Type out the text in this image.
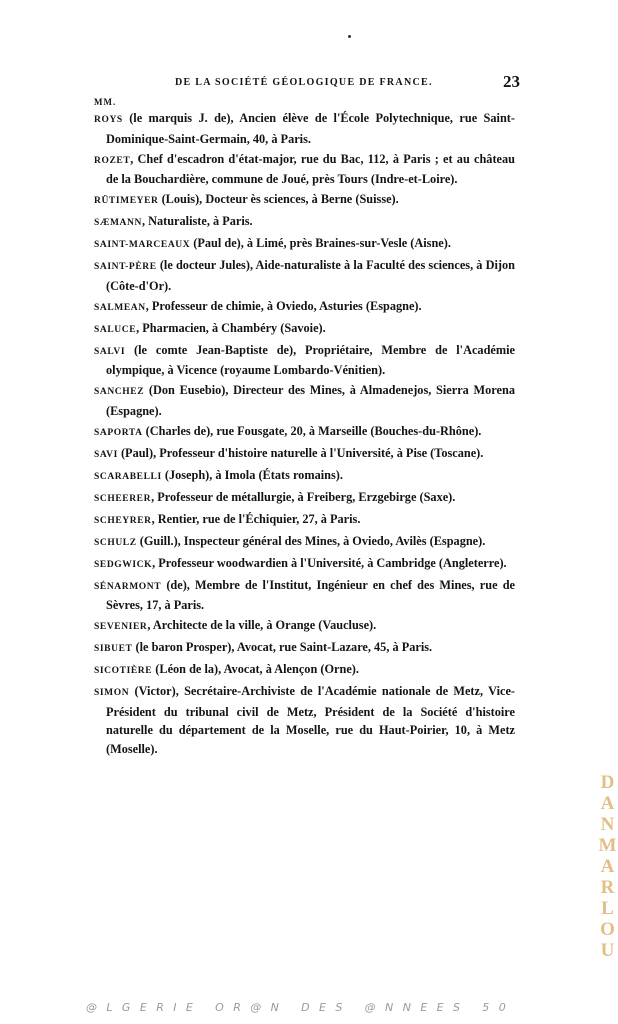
DE LA SOCIÉTÉ GÉOLOGIQUE DE FRANCE.	23
MM.

ROYS (le marquis J. de), Ancien élève de l'École Polytechnique, rue Saint-Dominique-Saint-Germain, 40, à Paris.

ROZET, Chef d'escadron d'état-major, rue du Bac, 112, à Paris ; et au château de la Bouchardière, commune de Joué, près Tours (Indre-et-Loire).

RÜTIMEYER (Louis), Docteur ès sciences, à Berne (Suisse).

SÆMANN, Naturaliste, à Paris.

SAINT-MARCEAUX (Paul de), à Limé, près Braines-sur-Vesle (Aisne).

SAINT-PÈRE (le docteur Jules), Aide-naturaliste à la Faculté des sciences, à Dijon (Côte-d'Or).

SALMEAN, Professeur de chimie, à Oviedo, Asturies (Espagne).

SALUCE, Pharmacien, à Chambéry (Savoie).

SALVI (le comte Jean-Baptiste de), Propriétaire, Membre de l'Académie olympique, à Vicence (royaume Lombardo-Vénitien).

SANCHEZ (Don Eusebio), Directeur des Mines, à Almadenejos, Sierra Morena (Espagne).

SAPORTA (Charles de), rue Fousgate, 20, à Marseille (Bouches-du-Rhône).

SAVI (Paul), Professeur d'histoire naturelle à l'Université, à Pise (Toscane).

SCARABELLI (Joseph), à Imola (États romains).

SCHEERER, Professeur de métallurgie, à Freiberg, Erzgebirge (Saxe).

SCHEYRER, Rentier, rue de l'Échiquier, 27, à Paris.

SCHULZ (Guill.), Inspecteur général des Mines, à Oviedo, Avilès (Espagne).

SEDGWICK, Professeur woodwardien à l'Université, à Cambridge (Angleterre).

SÉNARMONT (de), Membre de l'Institut, Ingénieur en chef des Mines, rue de Sèvres, 17, à Paris.

SEVENIER, Architecte de la ville, à Orange (Vaucluse).

SIBUET (le baron Prosper), Avocat, rue Saint-Lazare, 45, à Paris.

SICOTIÈRE (Léon de la), Avocat, à Alençon (Orne).

SIMON (Victor), Secrétaire-Archiviste de l'Académie nationale de Metz, Vice-Président du tribunal civil de Metz, Président de la Société d'histoire naturelle du département de la Moselle, rue du Haut-Poirier, 10, à Metz (Moselle).

DANMARLOU
@LGERIE OR@N DES @NNEES 50
